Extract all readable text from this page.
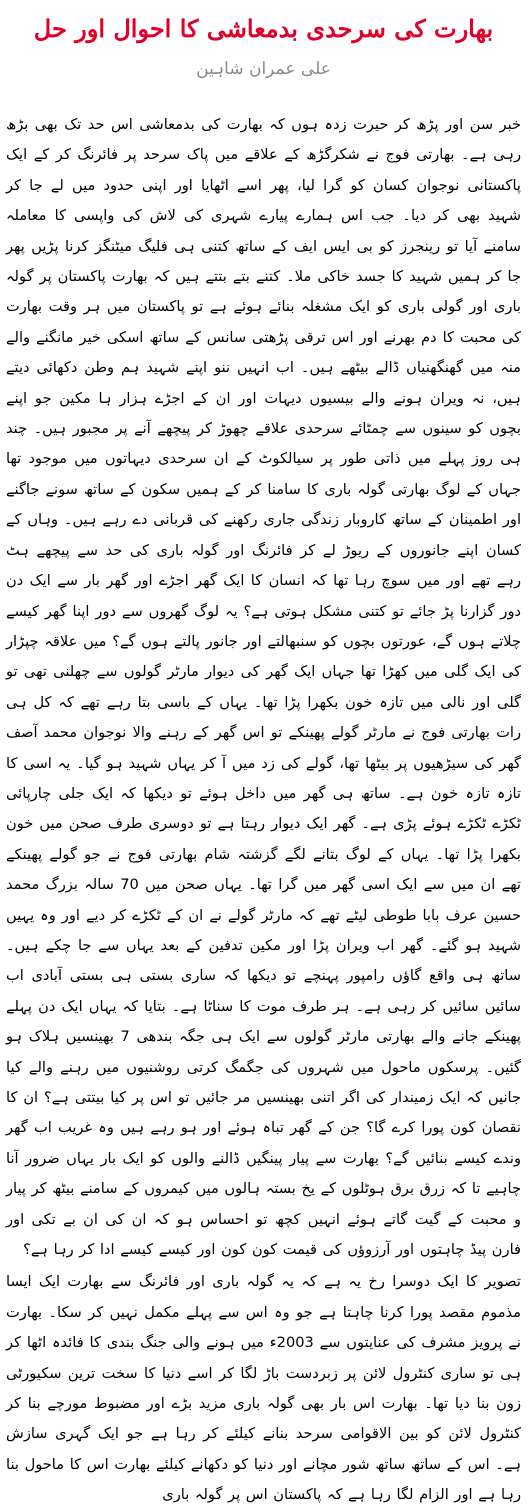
بھارت کی سرحدی بدمعاشی کا احوال اور حل
علی عمران شاہین

خبر سن اور پڑھ کر حیرت زدہ ہوں کہ بھارت کی بدمعاشی اس حد تک بھی بڑھ رہی ہے۔ بھارتی فوج نے شکرگڑھ کے علاقے میں پاک سرحد پر فائرنگ کر کے ایک پاکستانی نوجوان کسان کو گرا لیا، پھر اسے اٹھایا اور اپنی حدود میں لے جا کر شہید بھی کر دیا۔ جب اس ہمارے پیارے شہری کی لاش کی واپسی کا معاملہ سامنے آیا تو رینجرز کو بی ایس ایف کے ساتھ کتنی ہی فلیگ میٹنگز کرنا پڑیں پھر جا کر ہمیں شہید کا جسد خاکی ملا۔ کتنے بتے بتتے ہیں کہ بھارت پاکستان پر گولہ باری اور گولی باری کو ایک مشغلہ بنائے ہوئے ہے تو پاکستان میں ہر وقت بھارت کی محبت کا دم بھرنے اور اس ترقی پڑھتی سانس کے ساتھ اسکی خیر مانگنے والے منہ میں گھنگھنیاں ڈالے بیٹھے ہیں۔ اب انہیں ننو اپنے شہید ہم وطن دکھائی دیتے ہیں، نہ ویران ہونے والے بیسیوں دیہات اور ان کے اجڑے ہزار ہا مکین جو اپنے بچوں کو سینوں سے چمٹائے سرحدی علاقے چھوڑ کر پیچھے آنے پر مجبور ہیں۔ چند ہی روز پہلے میں ذاتی طور پر سیالکوٹ کے ان سرحدی دیہاتوں میں موجود تھا جہاں کے لوگ بھارتی گولہ باری کا سامنا کر کے ہمیں سکون کے ساتھ سونے جاگنے اور اطمینان کے ساتھ کاروبار زندگی جاری رکھنے کی قربانی دے رہے ہیں۔ وہاں کے کسان اپنے جانوروں کے ریوڑ لے کر فائرنگ اور گولہ باری کی حد سے پیچھے ہٹ رہے تھے اور میں سوچ رہا تھا کہ انسان کا ایک گھر اجڑے اور گھر بار سے ایک دن دور گزارنا پڑ جائے تو کتنی مشکل ہوتی ہے؟ یہ لوگ گھروں سے دور اپنا گھر کیسے چلاتے ہوں گے، عورتوں بچوں کو سنبھالتے اور جانور پالتے ہوں گے؟ میں علاقہ چپڑار کی ایک گلی میں کھڑا تھا جہاں ایک گھر کی دیوار مارٹر گولوں سے چھلنی تھی تو گلی اور نالی میں تازہ خون بکھرا پڑا تھا۔ یہاں کے باسی بتا رہے تھے کہ کل ہی رات بھارتی فوج نے مارٹر گولے پھینکے تو اس گھر کے رہنے والا نوجوان محمد آصف گھر کی سیڑھیوں پر بیٹھا تھا، گولے کی زد میں آ کر یہاں شہید ہو گیا۔ یہ اسی کا تازہ تازہ خون ہے۔ ساتھ ہی گھر میں داخل ہوئے تو دیکھا کہ ایک جلی چارپائی ٹکڑے ٹکڑے ہوئے پڑی ہے۔ گھر ایک دیوار رہتا ہے تو دوسری طرف صحن میں خون بکھرا پڑا تھا۔ یہاں کے لوگ بتانے لگے گزشتہ شام بھارتی فوج نے جو گولے پھینکے تھے ان میں سے ایک اسی گھر میں گرا تھا۔ یہاں صحن میں 70 سالہ بزرگ محمد حسین عرف بابا طوطی لیٹے تھے کہ مارٹر گولے نے ان کے ٹکڑے کر دیے اور وہ یہیں شہید ہو گئے۔ گھر اب ویران پڑا اور مکین تدفین کے بعد یہاں سے جا چکے ہیں۔ ساتھ ہی واقع گاؤں رامپور پہنچے تو دیکھا کہ ساری بستی ہی بستی آبادی اب سائیں سائیں کر رہی ہے۔ ہر طرف موت کا سناٹا ہے۔ بتایا کہ یہاں ایک دن پہلے پھینکے جانے والے بھارتی مارٹر گولوں سے ایک ہی جگہ بندھی 7 بھینسیں ہلاک ہو گئیں۔ پرسکوں ماحول میں شہروں کی جگمگ کرتی روشنیوں میں رہنے والے کیا جانیں کہ ایک زمیندار کی اگر اتنی بھینسیں مر جائیں تو اس پر کیا بیتتی ہے؟ ان کا نقصان کون پورا کرے گا؟ جن کے گھر تباہ ہوئے اور ہو رہے ہیں وہ غریب اب گھر وندے کیسے بنائیں گے؟ بھارت سے پیار پینگیں ڈالنے والوں کو ایک بار یہاں ضرور آنا چاہیے تا کہ زرق برق ہوٹلوں کے یخ بستہ ہالوں میں کیمروں کے سامنے بیٹھ کر پیار و محبت کے گیت گاتے ہوئے انہیں کچھ تو احساس ہو کہ ان کی ان بے تکی اور فارن پیڈ چاہتوں اور آرزوؤں کی قیمت کون کون اور کیسے کیسے ادا کر رہا ہے؟

تصویر کا ایک دوسرا رخ یہ ہے کہ یہ گولہ باری اور فائرنگ سے بھارت ایک ایسا مذموم مقصد پورا کرنا چاہتا ہے جو وہ اس سے پہلے مکمل نہیں کر سکا۔ بھارت نے پرویز مشرف کی عنایتوں سے 2003ء میں ہونے والی جنگ بندی کا فائدہ اٹھا کر ہی تو ساری کنٹرول لائن پر زبردست باڑ لگا کر اسے دنیا کا سخت ترین سکیورٹی زون بنا دیا تھا۔ بھارت اس بار بھی گولہ باری مزید بڑے اور مضبوط مورچے بنا کر کنٹرول لائن کو بین الاقوامی سرحد بنانے کیلئے کر رہا ہے جو ایک گہری سازش ہے۔ اس کے ساتھ ساتھ شور مچانے اور دنیا کو دکھانے کیلئے بھارت اس کا ماحول بنا رہا ہے اور الزام لگا رہا ہے کہ پاکستان اس پر گولہ باری
